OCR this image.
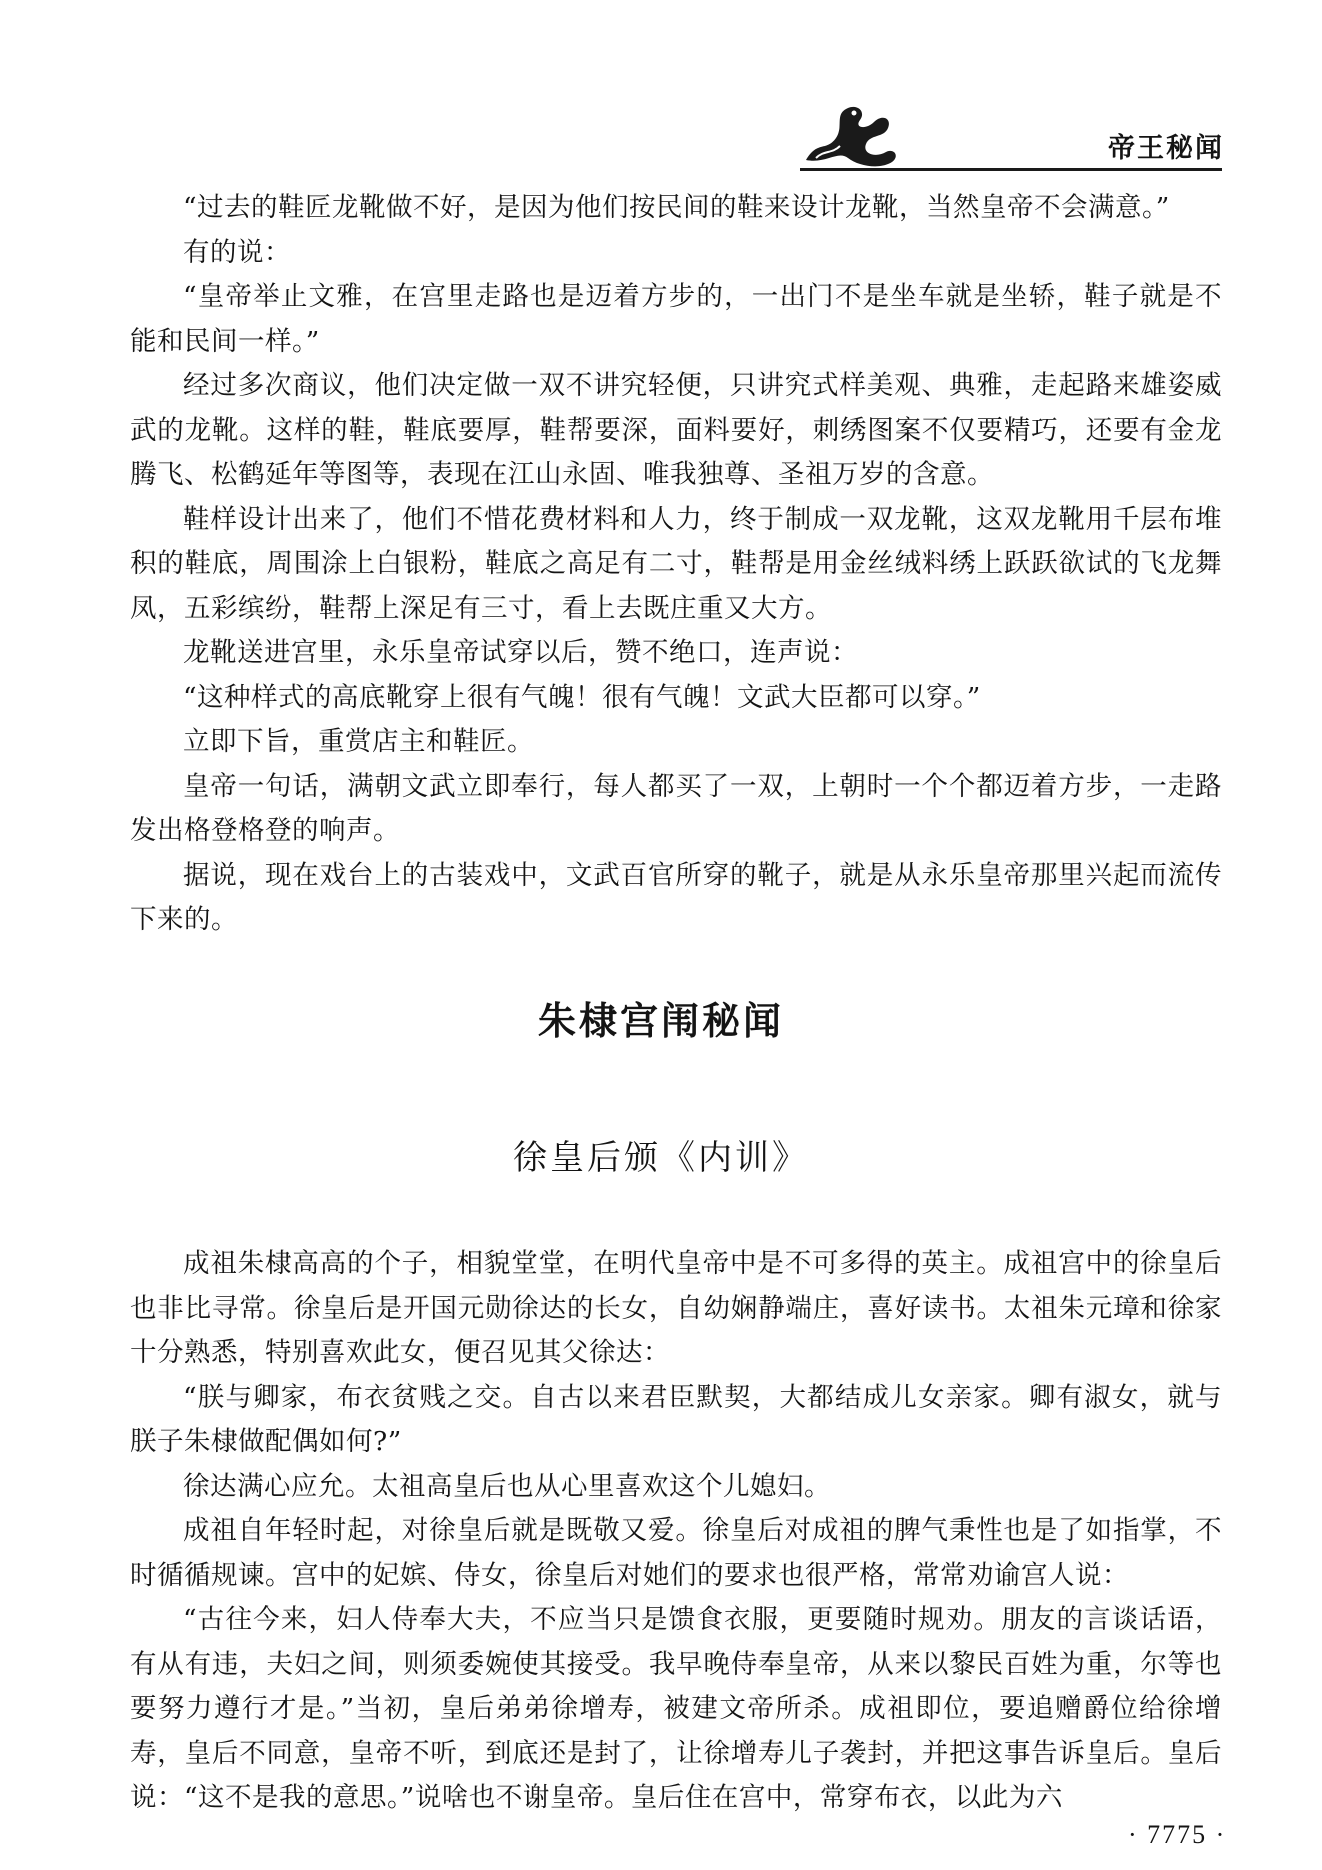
帝王秘闻

“过去的鞋匠龙靴做不好，是因为他们按民间的鞋来设计龙靴，当然皇帝不会满意。”

有的说：

“皇帝举止文雅，在宫里走路也是迈着方步的，一出门不是坐车就是坐轿，鞋子就是不能和民间一样。”

经过多次商议，他们决定做一双不讲究轻便，只讲究式样美观、典雅，走起路来雄姿威武的龙靴。这样的鞋，鞋底要厚，鞋帮要深，面料要好，刺绣图案不仅要精巧，还要有金龙腾飞、松鹤延年等图等，表现在江山永固、唯我独尊、圣祖万岁的含意。

鞋样设计出来了，他们不惜花费材料和人力，终于制成一双龙靴，这双龙靴用千层布堆积的鞋底，周围涂上白银粉，鞋底之高足有二寸，鞋帮是用金丝绒料绣上跃跃欲试的飞龙舞凤，五彩缤纷，鞋帮上深足有三寸，看上去既庄重又大方。

龙靴送进宫里，永乐皇帝试穿以后，赞不绝口，连声说：

“这种样式的高底靴穿上很有气魄！很有气魄！文武大臣都可以穿。”

立即下旨，重赏店主和鞋匠。

皇帝一句话，满朝文武立即奉行，每人都买了一双，上朝时一个个都迈着方步，一走路发出格登格登的响声。

据说，现在戏台上的古装戏中，文武百官所穿的靴子，就是从永乐皇帝那里兴起而流传下来的。

朱棣宫闱秘闻
徐皇后颁《内训》

成祖朱棣高高的个子，相貌堂堂，在明代皇帝中是不可多得的英主。成祖宫中的徐皇后也非比寻常。徐皇后是开国元勋徐达的长女，自幼娴静端庄，喜好读书。太祖朱元璋和徐家十分熟悉，特别喜欢此女，便召见其父徐达：

“朕与卿家，布衣贫贱之交。自古以来君臣默契，大都结成儿女亲家。卿有淑女，就与朕子朱棣做配偶如何?”

徐达满心应允。太祖高皇后也从心里喜欢这个儿媳妇。

成祖自年轻时起，对徐皇后就是既敬又爱。徐皇后对成祖的脾气秉性也是了如指掌，不时循循规谏。宫中的妃嫔、侍女，徐皇后对她们的要求也很严格，常常劝谕宫人说：

“古往今来，妇人侍奉大夫，不应当只是馈食衣服，更要随时规劝。朋友的言谈话语，有从有违，夫妇之间，则须委婉使其接受。我早晚侍奉皇帝，从来以黎民百姓为重，尔等也要努力遵行才是。”当初，皇后弟弟徐增寿，被建文帝所杀。成祖即位，要追赠爵位给徐增寿，皇后不同意，皇帝不听，到底还是封了，让徐增寿儿子袭封，并把这事告诉皇后。皇后说：“这不是我的意思。”说啥也不谢皇帝。皇后住在宫中，常穿布衣，以此为六

· 7775 ·
